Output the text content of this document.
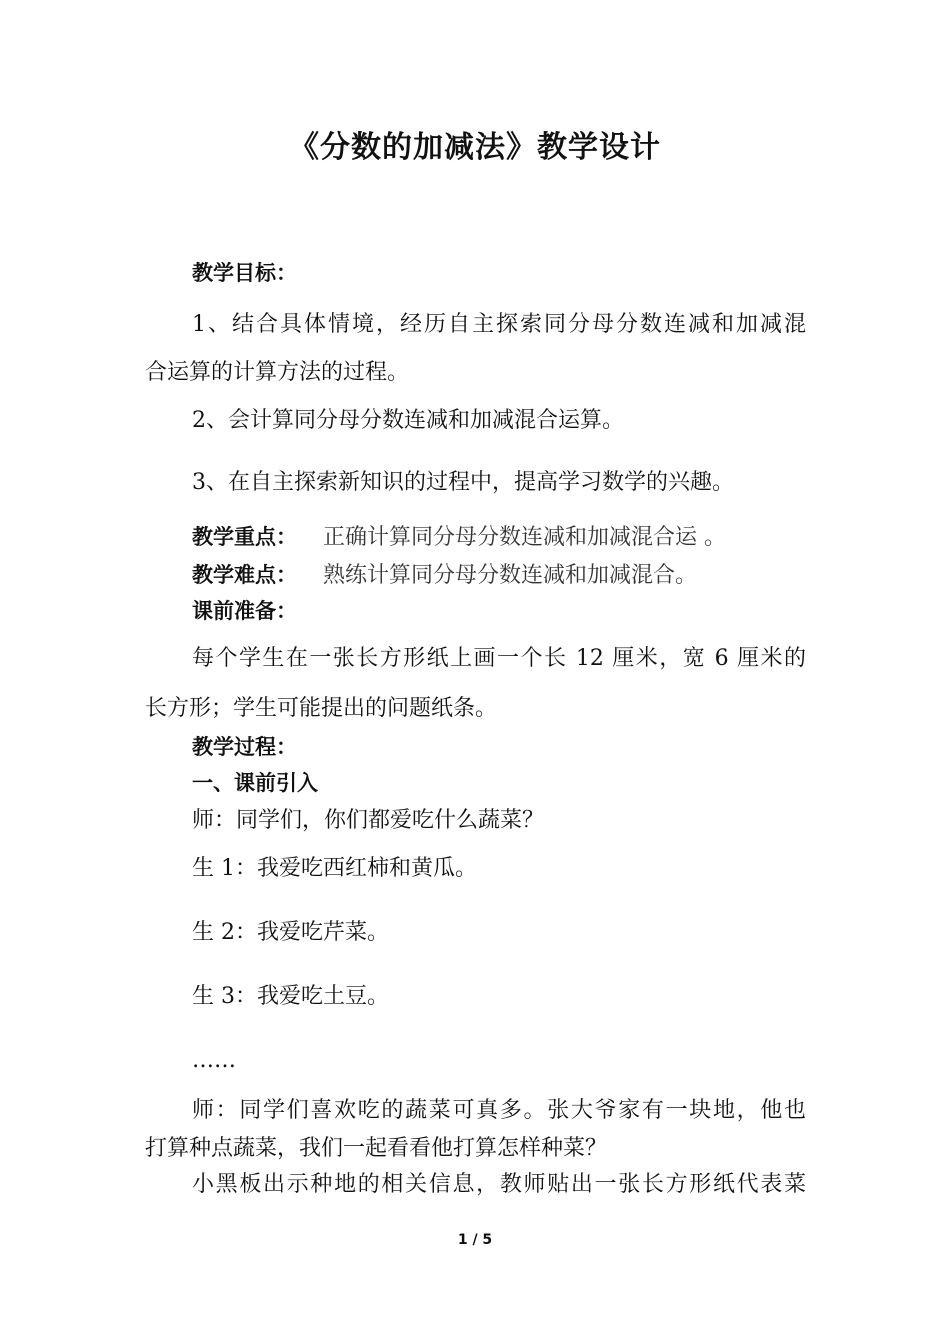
《分数的加减法》教学设计
教学目标：
1、结合具体情境，经历自主探索同分母分数连减和加减混
合运算的计算方法的过程。
2、会计算同分母分数连减和加减混合运算。
3、在自主探索新知识的过程中，提高学习数学的兴趣。
教学重点： 正确计算同分母分数连减和加减混合运 。
教学难点： 熟练计算同分母分数连减和加减混合。
课前准备：
每个学生在一张长方形纸上画一个长 12 厘米，宽 6 厘米的
长方形；学生可能提出的问题纸条。
教学过程：
一、课前引入
师：同学们，你们都爱吃什么蔬菜？
生 1：我爱吃西红柿和黄瓜。
生 2：我爱吃芹菜。
生 3：我爱吃土豆。
……
师：同学们喜欢吃的蔬菜可真多。张大爷家有一块地，他也
打算种点蔬菜，我们一起看看他打算怎样种菜？
小黑板出示种地的相关信息，教师贴出一张长方形纸代表菜
1 / 5
